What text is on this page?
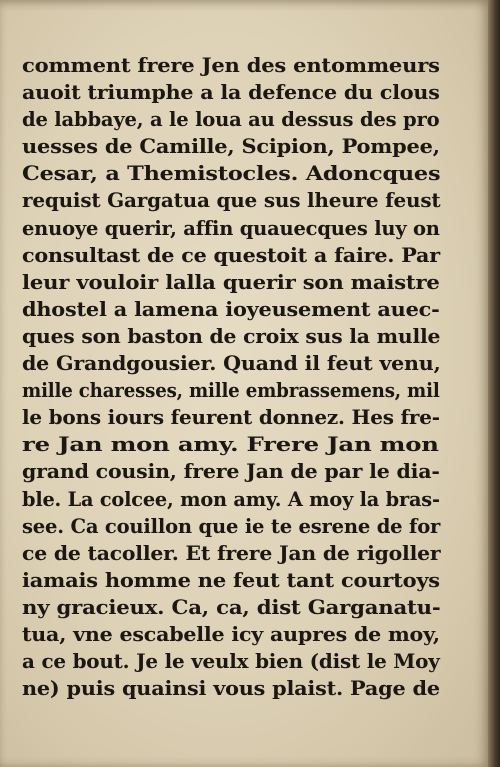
comment frere Jen des entommeurs
auoit triumphe a la defence du clous
de labbaye, a le loua au dessus des pro
uesses de Camille, Scipion, Pompee,
Cesar, a Themistocles. Adoncques
requist Gargatua que sus lheure feust
enuoye querir, affin quauecques luy on
consultast de ce questoit a faire. Par
leur vouloir lalla querir son maistre
dhostel a lamena ioyeusement auec-
ques son baston de croix sus la mulle
de Grandgousier. Quand il feut venu,
mille charesses, mille embrassemens, mil
le bons iours feurent donnez. Hes fre-
re Jan mon amy. Frere Jan mon
grand cousin, frere Jan de par le dia-
ble. La colcee, mon amy. A moy la bras-
see. Ca couillon que ie te esrene de for
ce de tacoller. Et frere Jan de rigoller
iamais homme ne feut tant courtoys
ny gracieux. Ca, ca, dist Garganatu-
tua, vne escabelle icy aupres de moy,
a ce bout. Je le veulx bien (dist le Moy
ne) puis quainsi vous plaist. Page de
